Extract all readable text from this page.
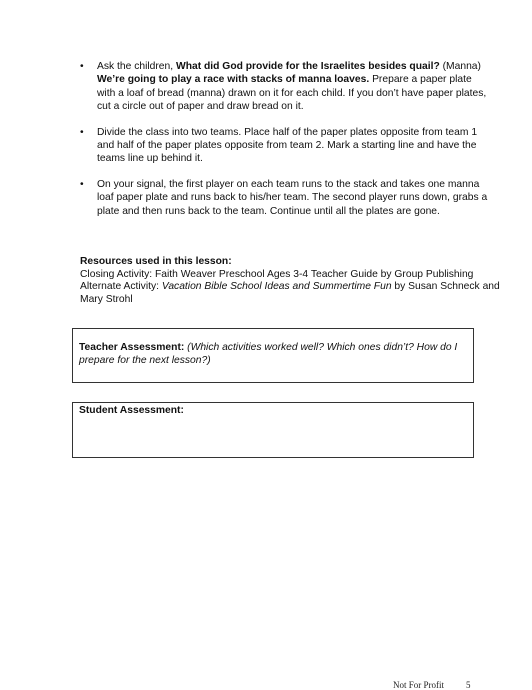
• Ask the children, What did God provide for the Israelites besides quail? (Manna) We’re going to play a race with stacks of manna loaves. Prepare a paper plate with a loaf of bread (manna) drawn on it for each child. If you don’t have paper plates, cut a circle out of paper and draw bread on it.
• Divide the class into two teams. Place half of the paper plates opposite from team 1 and half of the paper plates opposite from team 2. Mark a starting line and have the teams line up behind it.
• On your signal, the first player on each team runs to the stack and takes one manna loaf paper plate and runs back to his/her team. The second player runs down, grabs a plate and then runs back to the team. Continue until all the plates are gone.

Resources used in this lesson:

Closing Activity: Faith Weaver Preschool Ages 3-4 Teacher Guide by Group Publishing

Alternate Activity: Vacation Bible School Ideas and Summertime Fun by Susan Schneck and Mary Strohl

Teacher Assessment: (Which activities worked well? Which ones didn’t? How do I prepare for the next lesson?)
Student Assessment:
Not For Profit 5
